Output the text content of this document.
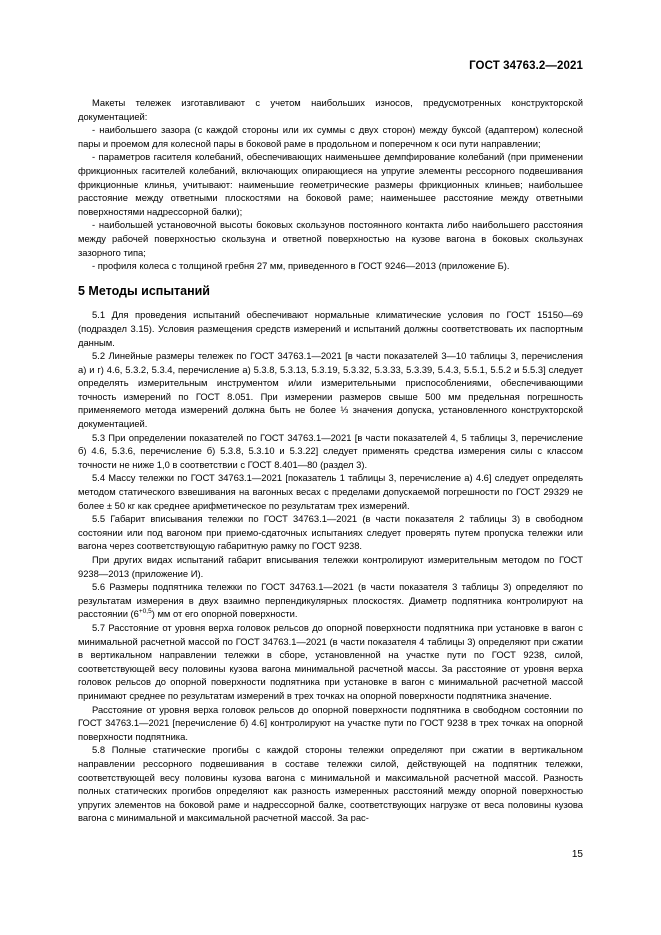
ГОСТ 34763.2—2021

Макеты тележек изготавливают с учетом наибольших износов, предусмотренных конструкторской документацией:

- наибольшего зазора (с каждой стороны или их суммы с двух сторон) между буксой (адаптером) колесной пары и проемом для колесной пары в боковой раме в продольном и поперечном к оси пути направлении;

- параметров гасителя колебаний, обеспечивающих наименьшее демпфирование колебаний (при применении фрикционных гасителей колебаний, включающих опирающиеся на упругие элементы рессорного подвешивания фрикционные клинья, учитывают: наименьшие геометрические размеры фрикционных клиньев; наибольшее расстояние между ответными плоскостями на боковой раме; наименьшее расстояние между ответными поверхностями надрессорной балки);

- наибольшей установочной высоты боковых скользунов постоянного контакта либо наибольшего расстояния между рабочей поверхностью скользуна и ответной поверхностью на кузове вагона в боковых скользунах зазорного типа;

- профиля колеса с толщиной гребня 27 мм, приведенного в ГОСТ 9246—2013 (приложение Б).

5 Методы испытаний

5.1 Для проведения испытаний обеспечивают нормальные климатические условия по ГОСТ 15150—69 (подраздел 3.15). Условия размещения средств измерений и испытаний должны соответствовать их паспортным данным.

5.2 Линейные размеры тележек по ГОСТ 34763.1—2021 [в части показателей 3—10 таблицы 3, перечисления а) и г) 4.6, 5.3.2, 5.3.4, перечисление а) 5.3.8, 5.3.13, 5.3.19, 5.3.32, 5.3.33, 5.3.39, 5.4.3, 5.5.1, 5.5.2 и 5.5.3] следует определять измерительным инструментом и/или измерительными приспособлениями, обеспечивающими точность измерений по ГОСТ 8.051. При измерении размеров свыше 500 мм предельная погрешность применяемого метода измерений должна быть не более ⅓ значения допуска, установленного конструкторской документацией.

5.3 При определении показателей по ГОСТ 34763.1—2021 [в части показателей 4, 5 таблицы 3, перечисление б) 4.6, 5.3.6, перечисление б) 5.3.8, 5.3.10 и 5.3.22] следует применять средства измерения силы с классом точности не ниже 1,0 в соответствии с ГОСТ 8.401—80 (раздел 3).

5.4 Массу тележки по ГОСТ 34763.1—2021 [показатель 1 таблицы 3, перечисление а) 4.6] следует определять методом статического взвешивания на вагонных весах с пределами допускаемой погрешности по ГОСТ 29329 не более ± 50 кг как среднее арифметическое по результатам трех измерений.

5.5 Габарит вписывания тележки по ГОСТ 34763.1—2021 (в части показателя 2 таблицы 3) в свободном состоянии или под вагоном при приемо-сдаточных испытаниях следует проверять путем пропуска тележки или вагона через соответствующую габаритную рамку по ГОСТ 9238.

При других видах испытаний габарит вписывания тележки контролируют измерительным методом по ГОСТ 9238—2013 (приложение И).

5.6 Размеры подпятника тележки по ГОСТ 34763.1—2021 (в части показателя 3 таблицы 3) определяют по результатам измерения в двух взаимно перпендикулярных плоскостях. Диаметр подпятника контролируют на расстоянии $(6^{+0,5})$ мм от его опорной поверхности.

5.7 Расстояние от уровня верха головок рельсов до опорной поверхности подпятника при установке в вагон с минимальной расчетной массой по ГОСТ 34763.1—2021 (в части показателя 4 таблицы 3) определяют при сжатии в вертикальном направлении тележки в сборе, установленной на участке пути по ГОСТ 9238, силой, соответствующей весу половины кузова вагона минимальной расчетной массы. За расстояние от уровня верха головок рельсов до опорной поверхности подпятника при установке в вагон с минимальной расчетной массой принимают среднее по результатам измерений в трех точках на опорной поверхности подпятника значение.

Расстояние от уровня верха головок рельсов до опорной поверхности подпятника в свободном состоянии по ГОСТ 34763.1—2021 [перечисление б) 4.6] контролируют на участке пути по ГОСТ 9238 в трех точках на опорной поверхности подпятника.

5.8 Полные статические прогибы с каждой стороны тележки определяют при сжатии в вертикальном направлении рессорного подвешивания в составе тележки силой, действующей на подпятник тележки, соответствующей весу половины кузова вагона с минимальной и максимальной расчетной массой. Разность полных статических прогибов определяют как разность измеренных расстояний между опорной поверхностью упругих элементов на боковой раме и надрессорной балке, соответствующих нагрузке от веса половины кузова вагона с минимальной и максимальной расчетной массой. За рас-

15
